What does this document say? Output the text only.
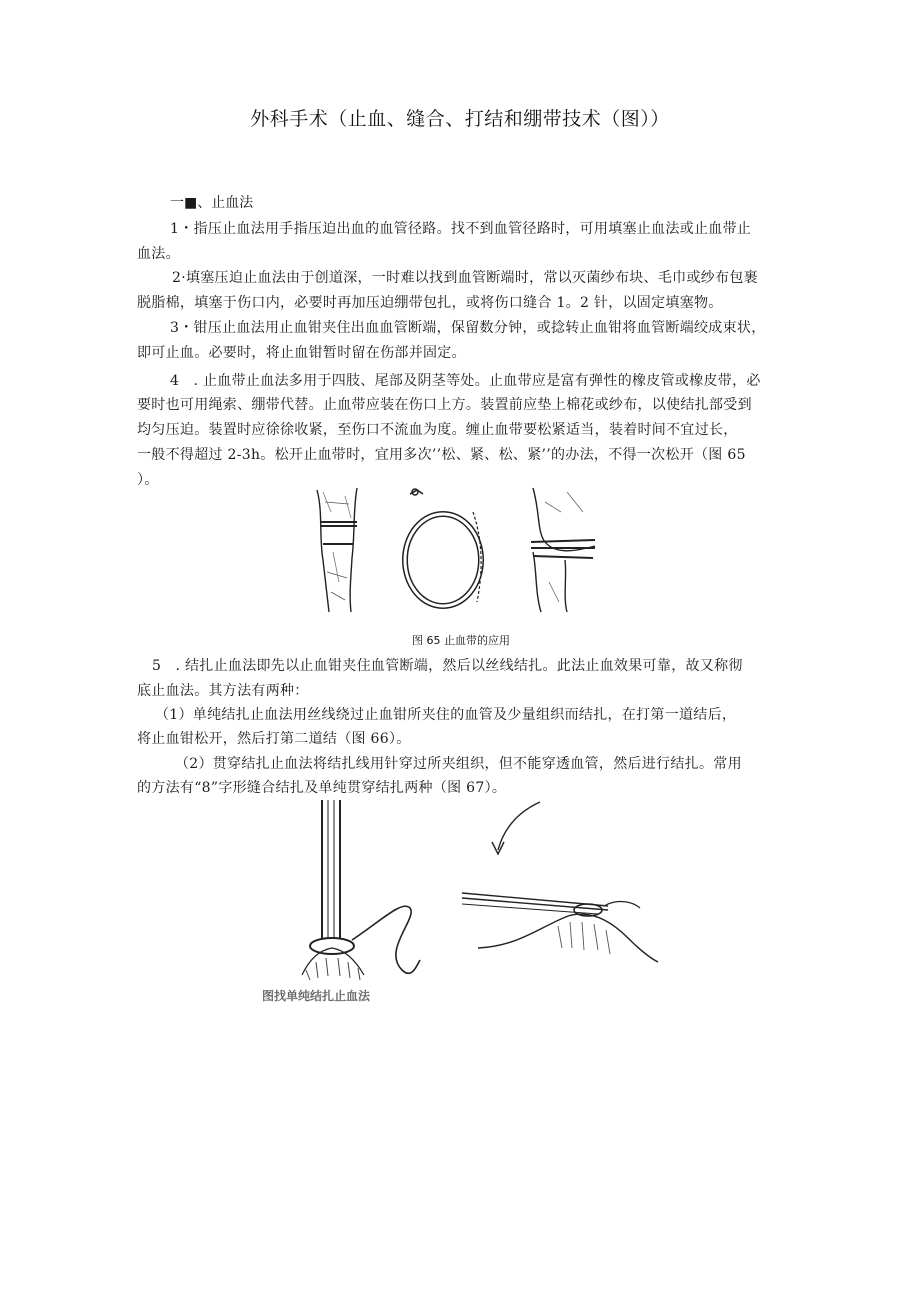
外科手术（止血、缝合、打结和绷带技术（图））
一■、止血法
1・指压止血法用手指压迫出血的血管径路。找不到血管径路时，可用填塞止血法或止血带止
血法。
2·填塞压迫止血法由于创道深，一时难以找到血管断端时，常以灭菌纱布块、毛巾或纱布包裹
脱脂棉，填塞于伤口内，必要时再加压迫绷带包扎，或将伤口缝合 1。2 针，以固定填塞物。
3・钳压止血法用止血钳夹住出血血管断端，保留数分钟，或捻转止血钳将血管断端绞成束状，
即可止血。必要时，将止血钳暂时留在伤部并固定。
4　. 止血带止血法多用于四肢、尾部及阴茎等处。止血带应是富有弹性的橡皮管或橡皮带，必
要时也可用绳索、绷带代替。止血带应装在伤口上方。装置前应垫上棉花或纱布，以使结扎部受到
均匀压迫。装置时应徐徐收紧，至伤口不流血为度。缠止血带要松紧适当，装着时间不宜过长，
一般不得超过 2-3h。松开止血带时，宜用多次’’松、紧、松、紧’’的办法，不得一次松开（图 65
）。
图 65 止血带的应用
5　. 结扎止血法即先以止血钳夹住血管断端，然后以丝线结扎。此法止血效果可靠，故又称彻
底止血法。其方法有两种：
（1）单纯结扎止血法用丝线绕过止血钳所夹住的血管及少量组织而结扎，在打第一道结后，
将止血钳松开，然后打第二道结（图 66）。
（2）贯穿结扎止血法将结扎线用针穿过所夹组织，但不能穿透血管，然后进行结扎。常用
的方法有“8”字形缝合结扎及单纯贯穿结扎两种（图 67）。
图找单纯结扎止血法
